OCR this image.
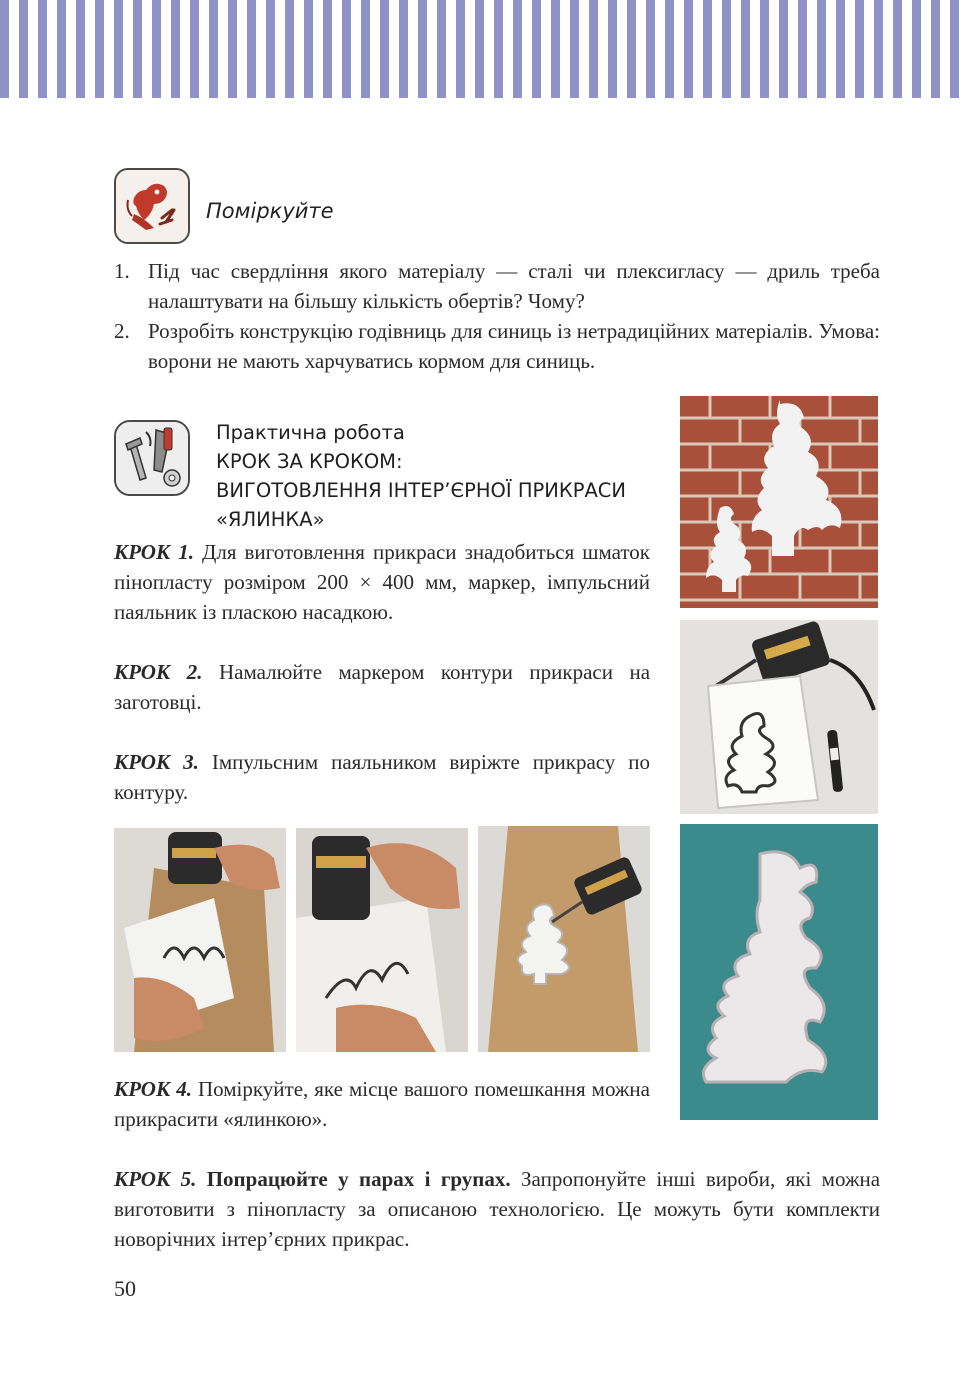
Поміркуйте
1. Під час свердління якого матеріалу — сталі чи плексигласу — дриль треба налаштувати на більшу кількість обертів? Чому?
2. Розробіть конструкцію годівниць для синиць із нетрадиційних матеріалів. Умова: ворони не мають харчуватись кормом для синиць.
Практична робота
КРОК ЗА КРОКОМ:
ВИГОТОВЛЕННЯ ІНТЕР’ЄРНОЇ ПРИКРАСИ
«ЯЛИНКА»
КРОК 1. Для виготовлення прикраси знадобиться шматок пінопласту розміром 200 × 400 мм, маркер, імпульсний паяльник із пласкою насадкою.
КРОК 2. Намалюйте маркером контури прикраси на заготовці.
КРОК 3. Імпульсним паяльником виріжте прикрасу по контуру.
КРОК 4. Поміркуйте, яке місце вашого помешкання можна прикрасити «ялинкою».
КРОК 5. Попрацюйте у парах і групах. Запропонуйте інші вироби, які можна виготовити з пінопласту за описаною технологією. Це можуть бути комплекти новорічних інтер’єрних прикрас.
50
